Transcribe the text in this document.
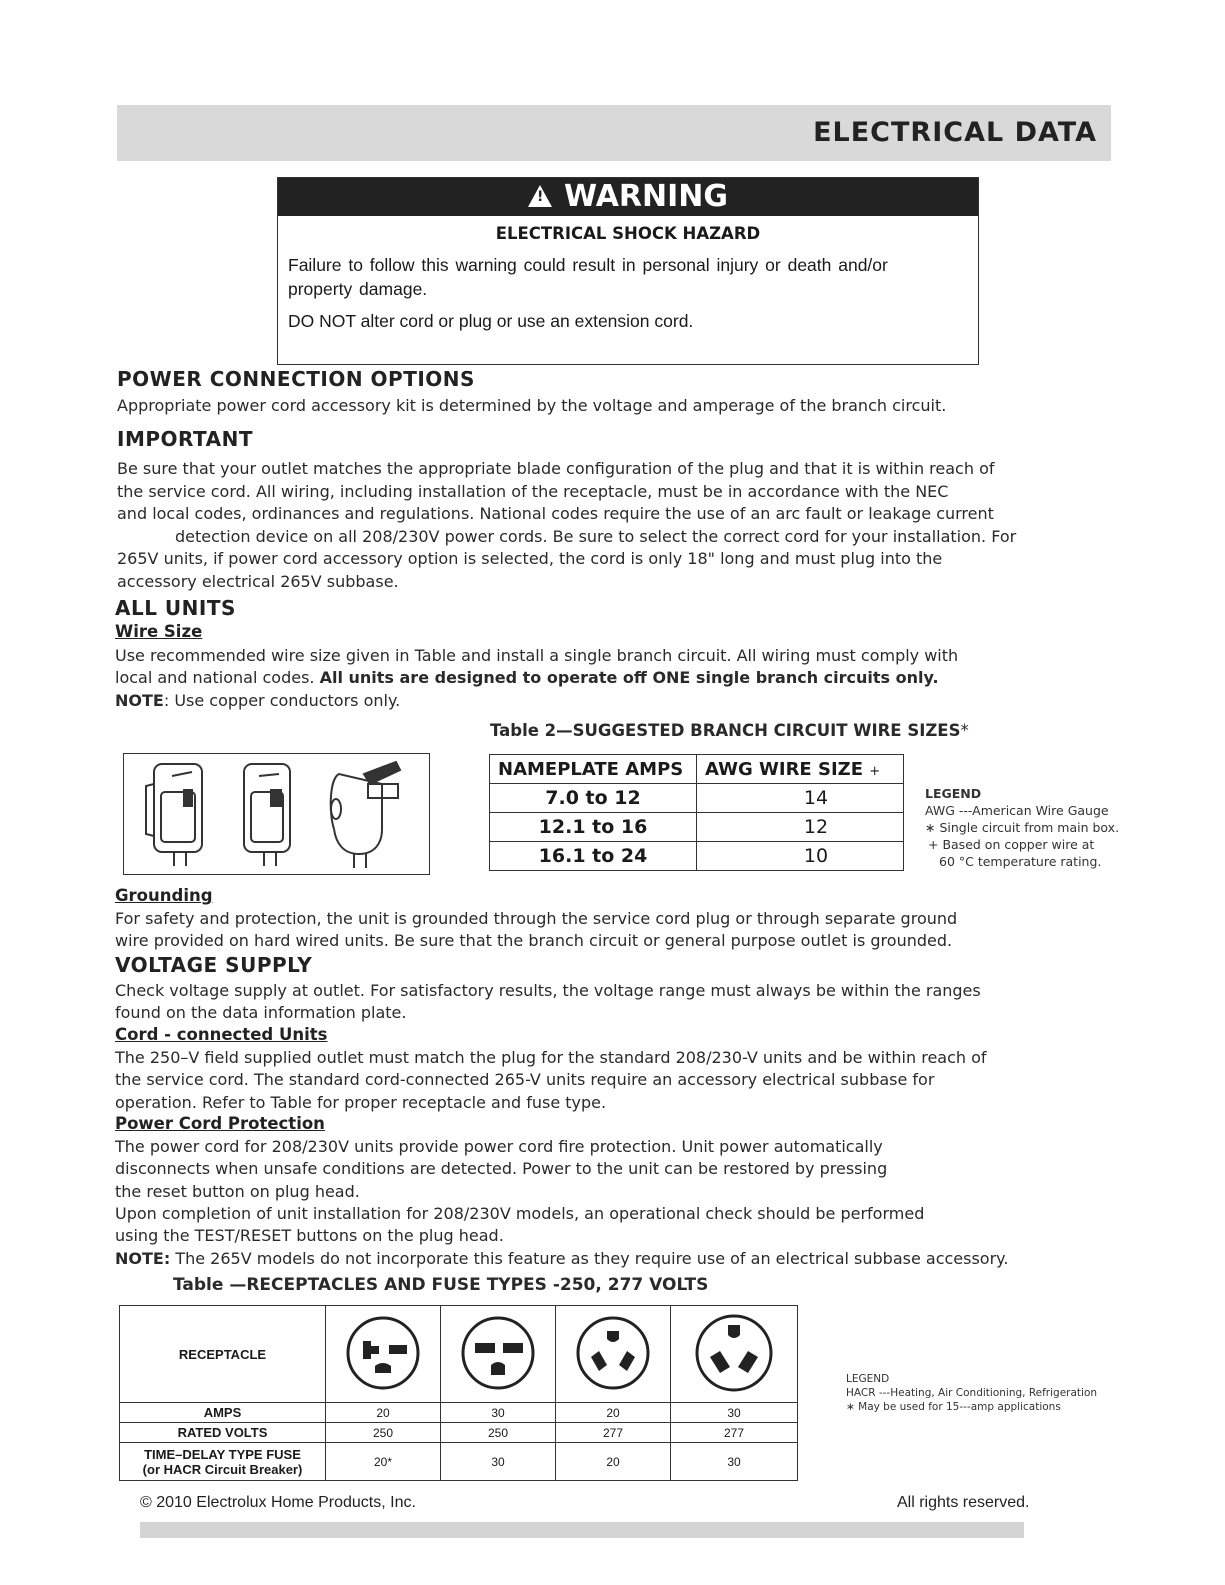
ELECTRICAL DATA
! WARNING
ELECTRICAL SHOCK HAZARD
Failure to follow this warning could result in personal injury or death and/or
property damage.
DO NOT alter cord or plug or use an extension cord.
POWER CONNECTION OPTIONS
Appropriate power cord accessory kit is determined by the voltage and amperage of the branch circuit.
IMPORTANT
Be sure that your outlet matches the appropriate blade configuration of the plug and that it is within reach of
the service cord. All wiring, including installation of the receptacle, must be in accordance with the NEC
and local codes, ordinances and regulations. National codes require the use of an arc fault or leakage current
detection device on all 208/230V power cords. Be sure to select the correct cord for your installation. For
265V units, if power cord accessory option is selected, the cord is only 18" long and must plug into the
accessory electrical 265V subbase.
ALL UNITS
Wire Size
Use recommended wire size given in Table and install a single branch circuit. All wiring must comply with
local and national codes. All units are designed to operate off ONE single branch circuits only.
NOTE: Use copper conductors only.
Table 2—SUGGESTED BRANCH CIRCUIT WIRE SIZES*
NAMEPLATE AMPS	AWG WIRE SIZE +
7.0 to 12	14
12.1 to 16	12
16.1 to 24	10
LEGEND
AWG ---American Wire Gauge
∗ Single circuit from main box.
+ Based on copper wire at
60 °C temperature rating.
Grounding
For safety and protection, the unit is grounded through the service cord plug or through separate ground
wire provided on hard wired units. Be sure that the branch circuit or general purpose outlet is grounded.
VOLTAGE SUPPLY
Check voltage supply at outlet. For satisfactory results, the voltage range must always be within the ranges
found on the data information plate.
Cord - connected Units
The 250–V field supplied outlet must match the plug for the standard 208/230-V units and be within reach of
the service cord. The standard cord-connected 265-V units require an accessory electrical subbase for
operation. Refer to Table for proper receptacle and fuse type.
Power Cord Protection
The power cord for 208/230V units provide power cord fire protection. Unit power automatically
disconnects when unsafe conditions are detected. Power to the unit can be restored by pressing
the reset button on plug head.
Upon completion of unit installation for 208/230V models, an operational check should be performed
using the TEST/RESET buttons on the plug head.
NOTE: The 265V models do not incorporate this feature as they require use of an electrical subbase accessory.
Table —RECEPTACLES AND FUSE TYPES -250, 277 VOLTS
RECEPTACLE				
AMPS	20	30	20	30
RATED VOLTS	250	250	277	277

TIME–DELAY TYPE FUSE
(or HACR Circuit Breaker)	20*	30	20	30
LEGEND
HACR ---Heating, Air Conditioning, Refrigeration
∗ May be used for 15---amp applications
© 2010 Electrolux Home Products, Inc.	All rights reserved.
